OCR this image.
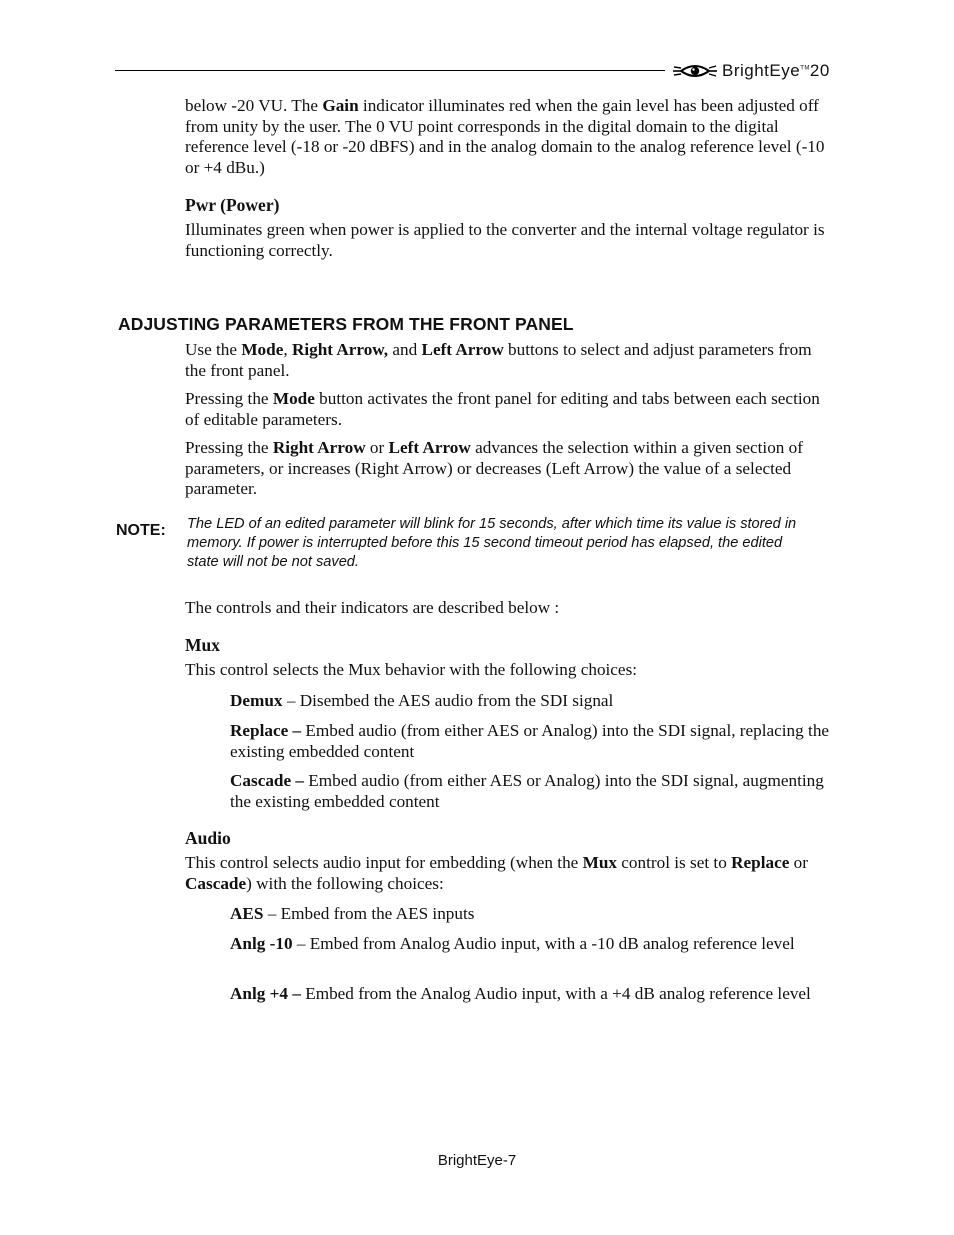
BrightEye™20

below -20 VU. The Gain indicator illuminates red when the gain level has been adjusted off from unity by the user. The 0 VU point corresponds in the digital domain to the digital reference level (-18 or -20 dBFS) and in the analog domain to the analog reference level (-10 or +4 dBu.)

Pwr (Power)

Illuminates green when power is applied to the converter and the internal voltage regulator is functioning correctly.

ADJUSTING PARAMETERS FROM THE FRONT PANEL

Use the Mode, Right Arrow, and Left Arrow buttons to select and adjust parameters from the front panel.

Pressing the Mode button activates the front panel for editing and tabs between each section of editable parameters.

Pressing the Right Arrow or Left Arrow advances the selection within a given section of parameters, or increases (Right Arrow) or decreases (Left Arrow) the value of a selected parameter.

NOTE: The LED of an edited parameter will blink for 15 seconds, after which time its value is stored in memory. If power is interrupted before this 15 second timeout period has elapsed, the edited state will not be not saved.

The controls and their indicators are described below :

Mux

This control selects the Mux behavior with the following choices:

Demux – Disembed the AES audio from the SDI signal

Replace – Embed audio (from either AES or Analog) into the SDI signal, replacing the existing embedded content

Cascade – Embed audio (from either AES or Analog) into the SDI signal, augmenting the existing embedded content

Audio

This control selects audio input for embedding (when the Mux control is set to Replace or Cascade) with the following choices:

AES – Embed from the AES inputs

Anlg -10 – Embed from Analog Audio input, with a -10 dB analog reference level

Anlg +4 – Embed from the Analog Audio input, with a +4 dB analog reference level

BrightEye-7
